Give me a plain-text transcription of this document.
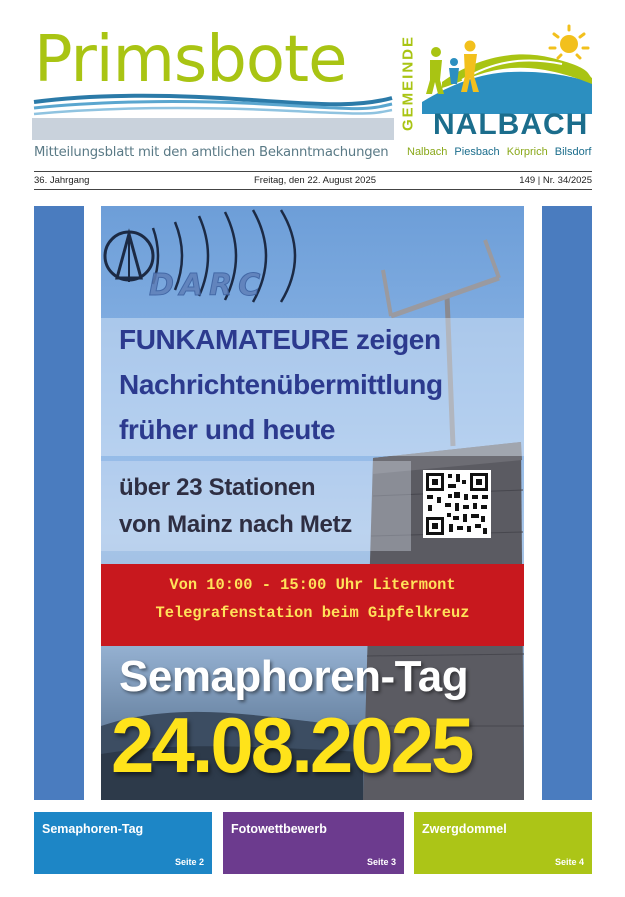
Primsbote
Mitteilungsblatt mit den amtlichen Bekanntmachungen
GEMEINDE NALBACH
Nalbach Piesbach Körprich Bilsdorf
36. Jahrgang	Freitag, den 22. August 2025	149 | Nr. 34/2025
DARC
FUNKAMATEURE zeigen
Nachrichtenübermittlung
früher und heute
über 23 Stationen
von Mainz nach Metz
Von 10:00 - 15:00 Uhr Litermont
Telegrafenstation beim Gipfelkreuz
Semaphoren-Tag
24.08.2025
Semaphoren-Tag
Seite 2
Fotowettbewerb
Seite 3
Zwergdommel
Seite 4
